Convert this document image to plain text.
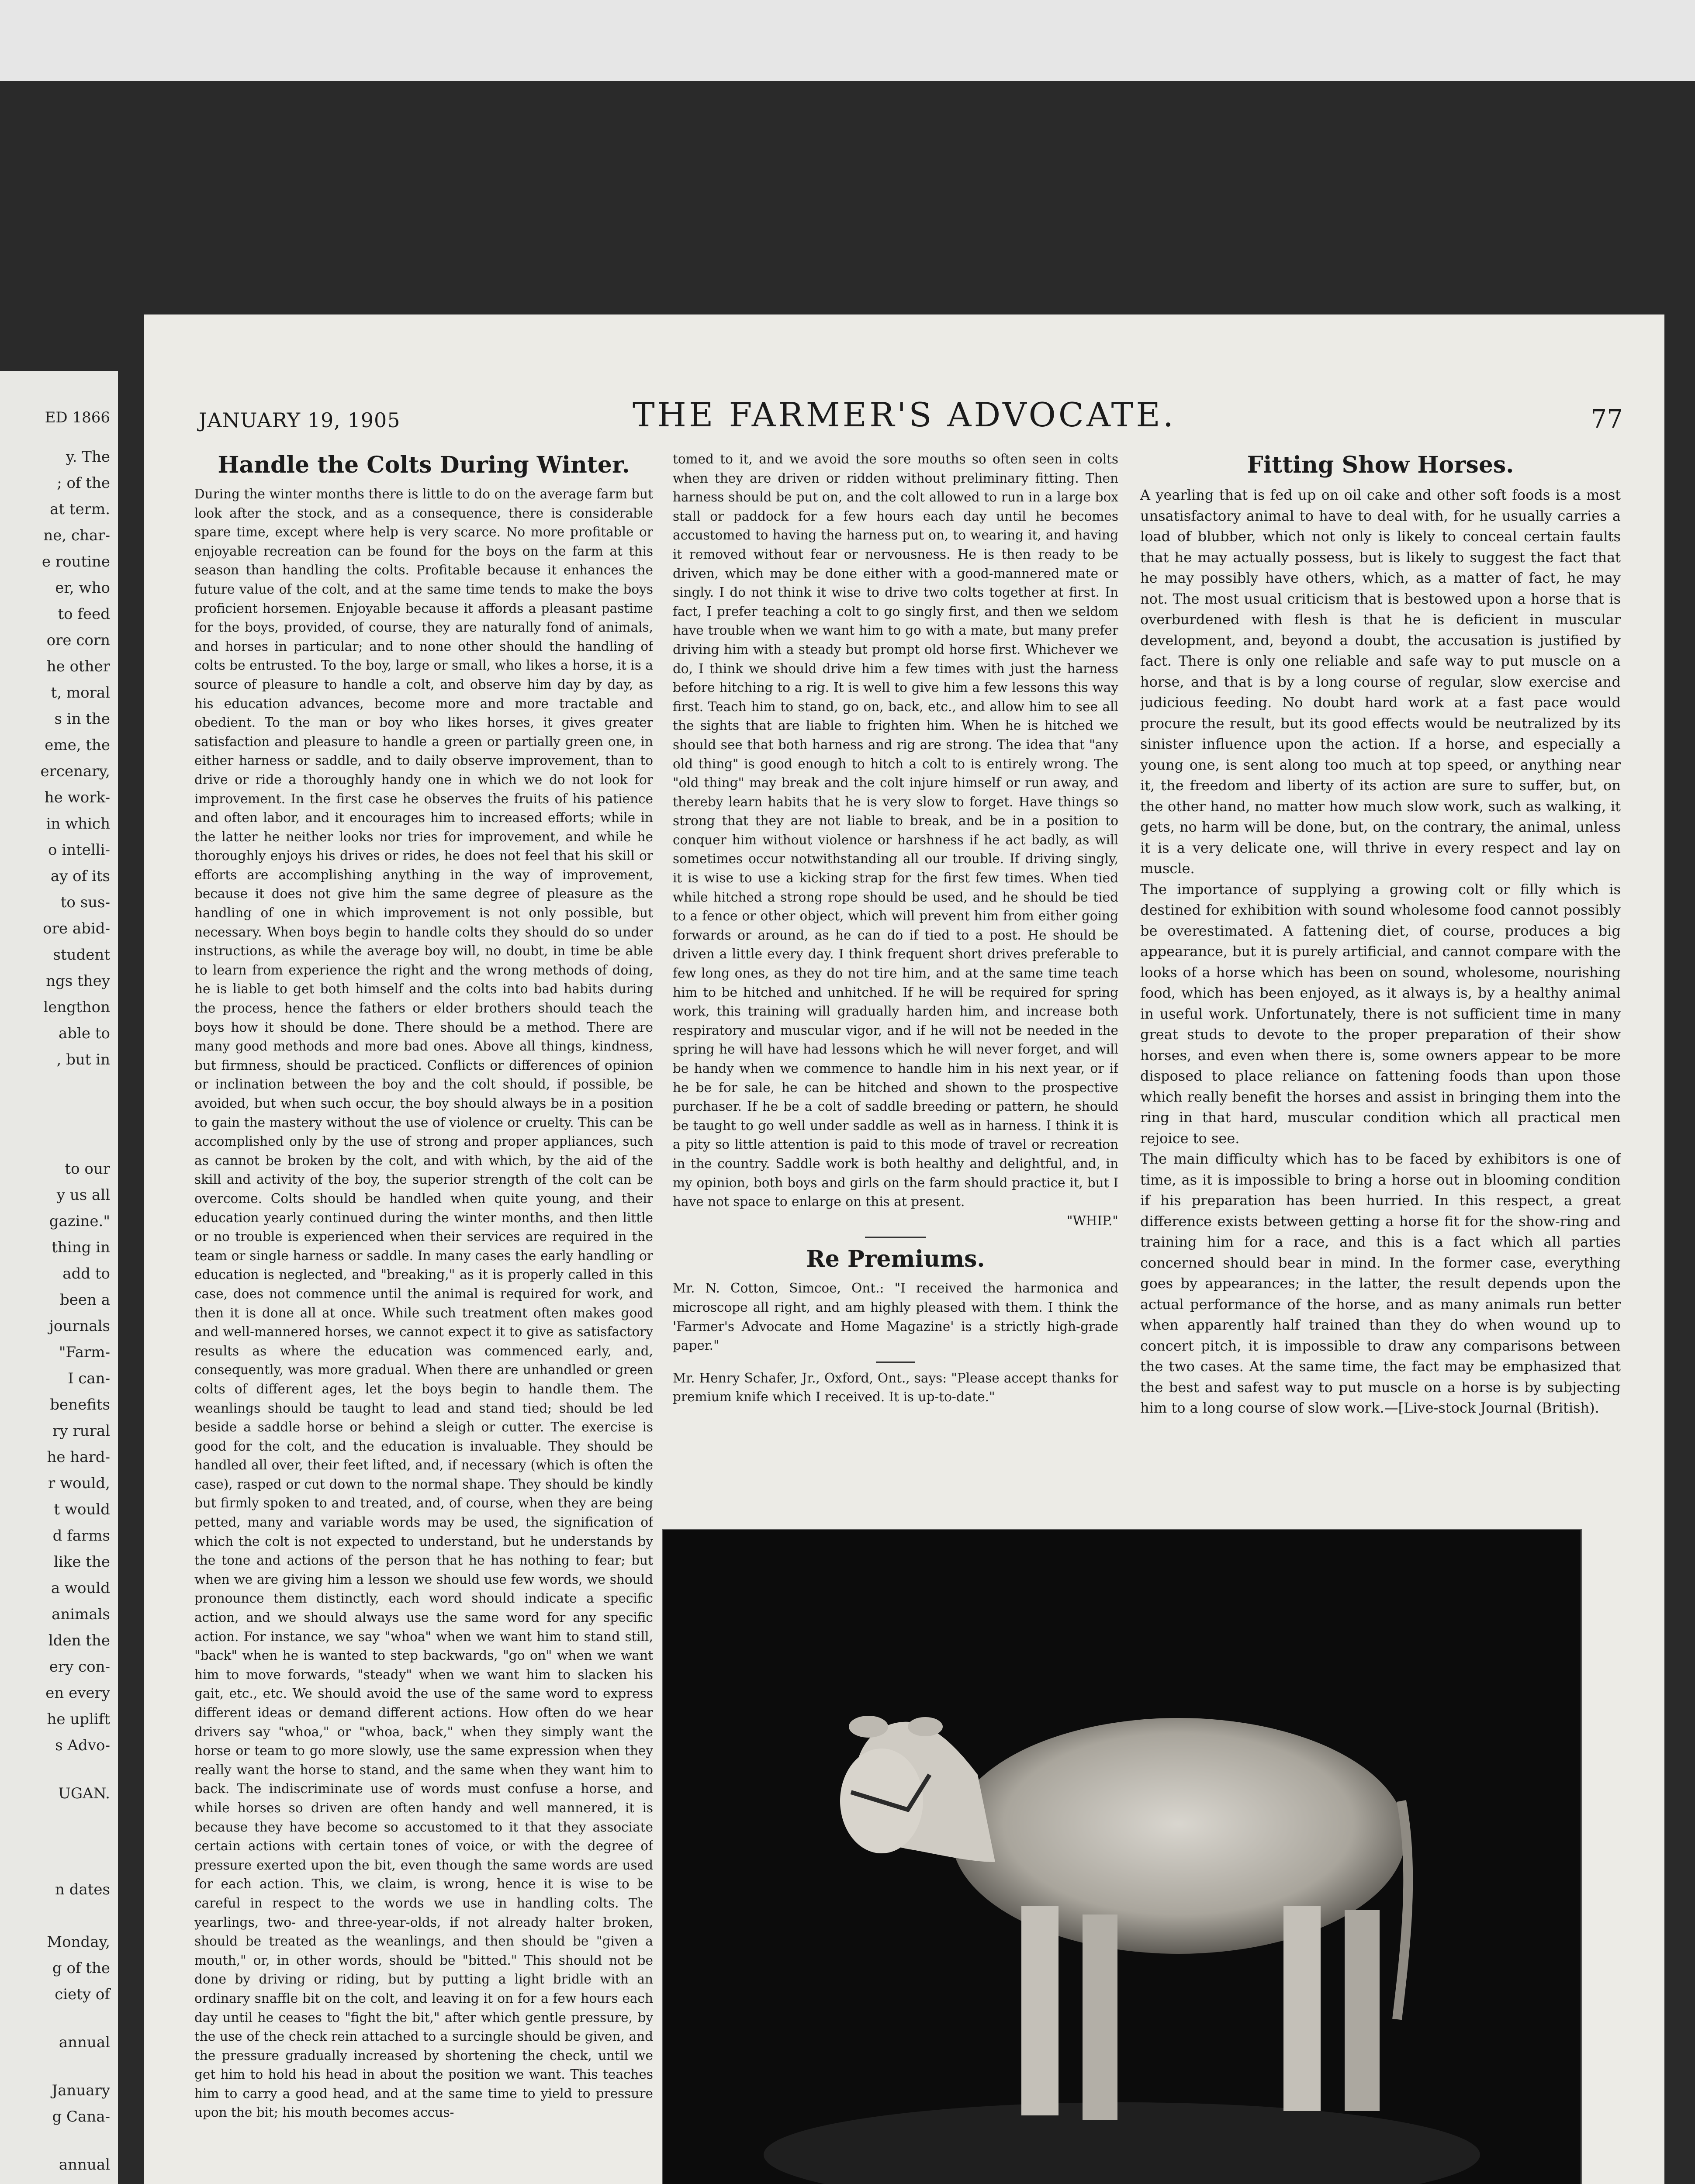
ED 1866
y. The
; of the
at term.
ne, char-
e routine
er, who
to feed
ore corn
he other
t, moral
s in the
eme, the
ercenary,
he work-
in which
o intelli-
ay of its
to sus-
ore abid-
student
ngs they
lengthon
able to
, but in
to our
y us all
gazine."
thing in
add to
been a
journals
"Farm-
I can-
benefits
ry rural
he hard-
r would,
t would
d farms
like the
a would
animals
lden the
ery con-
en every
he uplift
s Advo-
UGAN.
n dates
Monday,
g of the
ciety of
annual
January
g Cana-
annual
JANUARY 19, 1905	THE FARMER'S ADVOCATE.	77
Handle the Colts During Winter.

During the winter months there is little to do on the average farm but look after the stock, and as a consequence, there is considerable spare time, except where help is very scarce. No more profitable or enjoyable recreation can be found for the boys on the farm at this season than handling the colts. Profitable because it enhances the future value of the colt, and at the same time tends to make the boys proficient horsemen. Enjoyable because it affords a pleasant pastime for the boys, provided, of course, they are naturally fond of animals, and horses in particular; and to none other should the handling of colts be entrusted. To the boy, large or small, who likes a horse, it is a source of pleasure to handle a colt, and observe him day by day, as his education advances, become more and more tractable and obedient. To the man or boy who likes horses, it gives greater satisfaction and pleasure to handle a green or partially green one, in either harness or saddle, and to daily observe improvement, than to drive or ride a thoroughly handy one in which we do not look for improvement. In the first case he observes the fruits of his patience and often labor, and it encourages him to increased efforts; while in the latter he neither looks nor tries for improvement, and while he thoroughly enjoys his drives or rides, he does not feel that his skill or efforts are accomplishing anything in the way of improvement, because it does not give him the same degree of pleasure as the handling of one in which improvement is not only possible, but necessary. When boys begin to handle colts they should do so under instructions, as while the average boy will, no doubt, in time be able to learn from experience the right and the wrong methods of doing, he is liable to get both himself and the colts into bad habits during the process, hence the fathers or elder brothers should teach the boys how it should be done. There should be a method. There are many good methods and more bad ones. Above all things, kindness, but firmness, should be practiced. Conflicts or differences of opinion or inclination between the boy and the colt should, if possible, be avoided, but when such occur, the boy should always be in a position to gain the mastery without the use of violence or cruelty. This can be accomplished only by the use of strong and proper appliances, such as cannot be broken by the colt, and with which, by the aid of the skill and activity of the boy, the superior strength of the colt can be overcome. Colts should be handled when quite young, and their education yearly continued during the winter months, and then little or no trouble is experienced when their services are required in the team or single harness or saddle. In many cases the early handling or education is neglected, and "breaking," as it is properly called in this case, does not commence until the animal is required for work, and then it is done all at once. While such treatment often makes good and well-mannered horses, we cannot expect it to give as satisfactory results as where the education was commenced early, and, consequently, was more gradual. When there are unhandled or green colts of different ages, let the boys begin to handle them. The weanlings should be taught to lead and stand tied; should be led beside a saddle horse or behind a sleigh or cutter. The exercise is good for the colt, and the education is invaluable. They should be handled all over, their feet lifted, and, if necessary (which is often the case), rasped or cut down to the normal shape. They should be kindly but firmly spoken to and treated, and, of course, when they are being petted, many and variable words may be used, the signification of which the colt is not expected to understand, but he understands by the tone and actions of the person that he has nothing to fear; but when we are giving him a lesson we should use few words, we should pronounce them distinctly, each word should indicate a specific action, and we should always use the same word for any specific action. For instance, we say "whoa" when we want him to stand still, "back" when he is wanted to step backwards, "go on" when we want him to move forwards, "steady" when we want him to slacken his gait, etc., etc. We should avoid the use of the same word to express different ideas or demand different actions. How often do we hear drivers say "whoa," or "whoa, back," when they simply want the horse or team to go more slowly, use the same expression when they really want the horse to stand, and the same when they want him to back. The indiscriminate use of words must confuse a horse, and while horses so driven are often handy and well mannered, it is because they have become so accustomed to it that they associate certain actions with certain tones of voice, or with the degree of pressure exerted upon the bit, even though the same words are used for each action. This, we claim, is wrong, hence it is wise to be careful in respect to the words we use in handling colts. The yearlings, two- and three-year-olds, if not already halter broken, should be treated as the weanlings, and then should be "given a mouth," or, in other words, should be "bitted." This should not be done by driving or riding, but by putting a light bridle with an ordinary snaffle bit on the colt, and leaving it on for a few hours each day until he ceases to "fight the bit," after which gentle pressure, by the use of the check rein attached to a surcingle should be given, and the pressure gradually increased by shortening the check, until we get him to hold his head in about the position we want. This teaches him to carry a good head, and at the same time to yield to pressure upon the bit; his mouth becomes accus-

tomed to it, and we avoid the sore mouths so often seen in colts when they are driven or ridden without preliminary fitting. Then harness should be put on, and the colt allowed to run in a large box stall or paddock for a few hours each day until he becomes accustomed to having the harness put on, to wearing it, and having it removed without fear or nervousness. He is then ready to be driven, which may be done either with a good-mannered mate or singly. I do not think it wise to drive two colts together at first. In fact, I prefer teaching a colt to go singly first, and then we seldom have trouble when we want him to go with a mate, but many prefer driving him with a steady but prompt old horse first. Whichever we do, I think we should drive him a few times with just the harness before hitching to a rig. It is well to give him a few lessons this way first. Teach him to stand, go on, back, etc., and allow him to see all the sights that are liable to frighten him. When he is hitched we should see that both harness and rig are strong. The idea that "any old thing" is good enough to hitch a colt to is entirely wrong. The "old thing" may break and the colt injure himself or run away, and thereby learn habits that he is very slow to forget. Have things so strong that they are not liable to break, and be in a position to conquer him without violence or harshness if he act badly, as will sometimes occur notwithstanding all our trouble. If driving singly, it is wise to use a kicking strap for the first few times. When tied while hitched a strong rope should be used, and he should be tied to a fence or other object, which will prevent him from either going forwards or around, as he can do if tied to a post. He should be driven a little every day. I think frequent short drives preferable to few long ones, as they do not tire him, and at the same time teach him to be hitched and unhitched. If he will be required for spring work, this training will gradually harden him, and increase both respiratory and muscular vigor, and if he will not be needed in the spring he will have had lessons which he will never forget, and will be handy when we commence to handle him in his next year, or if he be for sale, he can be hitched and shown to the prospective purchaser. If he be a colt of saddle breeding or pattern, he should be taught to go well under saddle as well as in harness. I think it is a pity so little attention is paid to this mode of travel or recreation in the country. Saddle work is both healthy and delightful, and, in my opinion, both boys and girls on the farm should practice it, but I have not space to enlarge on this at present.

"WHIP."

Re Premiums.

Mr. N. Cotton, Simcoe, Ont.: "I received the harmonica and microscope all right, and am highly pleased with them. I think the 'Farmer's Advocate and Home Magazine' is a strictly high-grade paper."

Mr. Henry Schafer, Jr., Oxford, Ont., says: "Please accept thanks for premium knife which I received. It is up-to-date."

Fitting Show Horses.

A yearling that is fed up on oil cake and other soft foods is a most unsatisfactory animal to have to deal with, for he usually carries a load of blubber, which not only is likely to conceal certain faults that he may actually possess, but is likely to suggest the fact that he may possibly have others, which, as a matter of fact, he may not. The most usual criticism that is bestowed upon a horse that is overburdened with flesh is that he is deficient in muscular development, and, beyond a doubt, the accusation is justified by fact. There is only one reliable and safe way to put muscle on a horse, and that is by a long course of regular, slow exercise and judicious feeding. No doubt hard work at a fast pace would procure the result, but its good effects would be neutralized by its sinister influence upon the action. If a horse, and especially a young one, is sent along too much at top speed, or anything near it, the freedom and liberty of its action are sure to suffer, but, on the other hand, no matter how much slow work, such as walking, it gets, no harm will be done, but, on the contrary, the animal, unless it is a very delicate one, will thrive in every respect and lay on muscle.
The importance of supplying a growing colt or filly which is destined for exhibition with sound wholesome food cannot possibly be overestimated. A fattening diet, of course, produces a big appearance, but it is purely artificial, and cannot compare with the looks of a horse which has been on sound, wholesome, nourishing food, which has been enjoyed, as it always is, by a healthy animal in useful work. Unfortunately, there is not sufficient time in many great studs to devote to the proper preparation of their show horses, and even when there is, some owners appear to be more disposed to place reliance on fattening foods than upon those which really benefit the horses and assist in bringing them into the ring in that hard, muscular condition which all practical men rejoice to see.
The main difficulty which has to be faced by exhibitors is one of time, as it is impossible to bring a horse out in blooming condition if his preparation has been hurried. In this respect, a great difference exists between getting a horse fit for the show-ring and training him for a race, and this is a fact which all parties concerned should bear in mind. In the former case, everything goes by appearances; in the latter, the result depends upon the actual performance of the horse, and as many animals run better when apparently half trained than they do when wound up to concert pitch, it is impossible to draw any comparisons between the two cases. At the same time, the fact may be emphasized that the best and safest way to put muscle on a horse is by subjecting him to a long course of slow work.—[Live-stock Journal (British).
